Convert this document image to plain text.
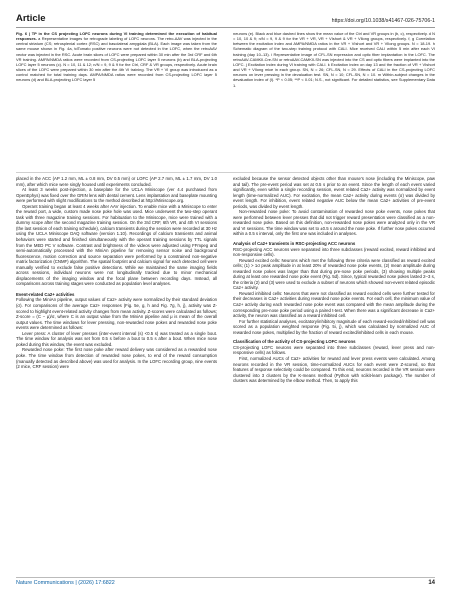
Article	https://doi.org/10.1038/s41467-026-75706-1
Fig. 6 | TP in the CS projecting LOFC neurons during VI training determined the execution of habitual responses. a Representative images for retrograde labeling of LOFC neurons. The retro-AAV was injected in the central striatum (CS; retrosplenial cortex (RSC) and basolateral amygdala (BLA). Each image was taken from the same mouse shown in Fig. 4a, tdTomato positive neurons were not detected in the LOFC, when the retroAAV vector was injected in the RSC. Acute brain slices of LOFC were prepared within 30 min after the 3rd CRF and 6th VR training. AMPA/NMDA ratios were recorded from CS-projecting LOFC layer 5 neurons (b) and BLA-projecting LOFC layer 5 neurons (c). N = 10, 11 & 12; n/N = 9, 9 & 9 for the Ctrl, CRF & VR groups, respectively. Acute brain slices of the LOFC were prepared within 30 min after the 4th VI training. The VR + VI group was introduced as a control matched for total training days. AMPA/NMDA ratios were recorded from CS-projecting LOFC layer 5 neurons (d) and BLA-projecting LOFC layer 5
neurons (e). Black and blue dashed lines show the mean value of the Ctrl and VR groups in (b, c), respectively. d N = 10, 10 & 9; n/N = 9, 9 & 9 for the VR + VR, VR + VIshort & VR + VIlong groups, respectively. f, g Correlation between the excitation index and AMPA/NMDA ratios in the VR + VIshort and VR + VIlong groups. N = 18-19. h Schematic diagram of the two-step training protocol with CALI. Mice received CALI within 5 min after each VI training (day 10–13). i Representative image of CFL-SN expression and optic fiber implantation in the LOFC. The retroAAV-CAMKII-Cre-SN or retroAAV-CAMKII-SN was injected into the CS and optic fibers were implanted into the LOFC. j Excitation index during VI training with CALI. k Excitation index on day 13 and the fraction of VR + VIshort and VR + VIlong mice in each group. SN, N = 26; CFL-SN, N = 29. Effects of CALI in the CS-projecting LOFC neurons on lever pressing in the devaluation test. SN, N = 10; CFL-SN, N = 10. m Within-subject changes in the devaluation index of (l). *P < 0.05; **P < 0.01; N.S., not significant. For detailed statistics, see Supplementary Data 1.

placed in the ACC (AP 1.2 mm, ML ± 0.8 mm, DV 0.5 mm) or LOFC (AP 2.7 mm, ML ± 1.7 mm, DV 1.0 mm), after which mice were singly housed until experiments concluded.

At least 3 weeks post-injection, a baseplate for the UCLA Miniscope (ver 4.4 purchased from OpenEphys) was fixed over the GRIN lens with dental cement. Lens implantation and baseplate mounting were performed with slight modifications to the method described at http://Miniscope.org.

Operant training began at least 4 weeks after AAV injection. To enable mice with a Miniscope to enter the reward port, a wide, custom made nose poke hole was used. Mice underwent the two-step operant task with three magazine training sessions. For habituation to the Miniscope, mice were trained with a dummy scope after the second magazine training session. On the 3rd CRF, 6th VR, and 4th VI sessions (the last session of each training schedule), calcium transients during the session were recorded at 30 Hz using the UCLA Miniscope DAQ software (version 1.10). Recordings of calcium transients and animal behaviors were started and finished simultaneously with the operant training sessions by TTL signals from the MED PC V software. Contrast and brightness of the videos were adjusted using FFmpeg and semi-automatically processed with the MiniAn pipeline for removing sensor noise and background fluorescence, motion correction and source separation were performed by a constrained non-negative matrix factorization (CNMF) algorithm. The spatial footprint and calcium signal for each detected cell were manually verified to exclude false positive detections. While we maintained the same imaging fields across sessions, individual neurons were not longitudinally tracked due to minor mechanical displacements of the imaging window and the focal plane between recording days. Instead, all comparisons across training stages were conducted as population level analyses.

Event-related Ca2+ activities

Following the MiniAn pipeline, output values of Ca2+ activity were normalized by their standard deviation (σ). For comparisons of the average Ca2+ responses (Fig. 5e, g, h and Fig. 7g, h, j), activity was Z-scored to highlight event-related activity changes from mean activity. Z-scores were calculated as follows; Z-score = (C − μ)/σ, where C is an output value from the MiniAn pipeline and μ is mean of the overall output values. The time windows for lever pressing, non-rewarded nose pokes and rewarded nose poke events were determined as follows:

Lever press: A cluster of lever presses (inter-event interval (s) <0.5 s) was treated as a single bout. The time window for analysis was set from 0.5 s before a bout to 0.5 s after a bout. When mice nose poked during this window, the event was excluded.

Rewarded nose poke: The first nose poke after reward delivery was considered as a rewarded nose poke. The time window from detection of rewarded nose pokes, to end of the reward consumption (manually detected as described above) was used for analysis. In the LOFC recording group, nine events (2 mice, CRF session) were

excluded because the sensor detected objects other than mouse's nose (including the Miniscope, paw and tail). The pre-event period was set at 0.5 s prior to an event. Since the length of each event varied significantly, even within a single recording session, event related Ca2+ activity was normalized by event length (time-normalized AUC). For excitation, the mean Ca2+ activity during events (σ) was divided by event length. For inhibition, event related negative AUC below the mean Ca2+ activities of pre-event periods, was divided by event length.

Non-rewarded nose poke: To avoid contamination of rewarded nose poke events, nose pokes that were performed between lever presses that did not trigger reward presentation were classified as a non-rewarded nose poke. Based on this definition, non-rewarded nose pokes were analyzed only in the VR and VI sessions. The time window was set to ±0.5 s around the nose poke. If further nose pokes occurred within a 0.5 s interval, only the first one was included in analyses.

Analysis of Ca2+ transients in RSC-projecting ACC neurons

RSC-projecting ACC neurons were separated into three subclasses (reward excited, reward inhibited and non-responsive cells).

Reward excited cells: Neurons which met the following three criteria were classified as reward excited cells; (1) > 1σ peak amplitude in at least 20% of rewarded nose poke events, (2) mean amplitude during rewarded nose pokes was larger than that during pre-nose poke periods, (3) showing multiple peaks during at least one rewarded nose poke event (Fig. 5d). Since, typical rewarded nose pokes lasted 2–3 s, the criteria (2) and (3) were used to exclude a subset of neurons which showed non-event related episodic Ca2+ activity.

Reward inhibited cells: Neurons that were not classified as reward excited cells were further tested for their decreases in Ca2+ activities during rewarded nose poke events. For each cell, the minimum value of Ca2+ activity during each rewarded nose poke event was compared with the mean amplitude during the corresponding pre-nose poke period using a paired t-test. When there was a significant decrease in Ca2+ activity, the neuron was classified as a reward inhibited cell.

For further statistical analyses, excitatory/inhibitory magnitude of each reward-excited/inhibited cell was scored as a population weighted response (Fig. 5i, j), which was calculated by normalized AUC of rewarded nose pokes, multiplied by the fraction of reward excited/inhibited cells in each mouse.

Classification of the activity of CS-projecting LOFC neurons

CS-projecting LOFC neurons were separated into three subclasses (reward, lever press and non-responsive cells) as follows.

First, normalized AUCs of Ca2+ activities for reward and lever press events were calculated. Among neurons recorded in the VR session, time-normalized AUCs for each event were Z-scored, so that features of response selectivity could be compared. To this end, neurons recorded in the VR session were clustered into 3 clusters by the K-means method (Python with scikit-learn package). The number of clusters was determined by the elbow method. Then, to apply this

Nature Communications | (2026) 17:6822	14
